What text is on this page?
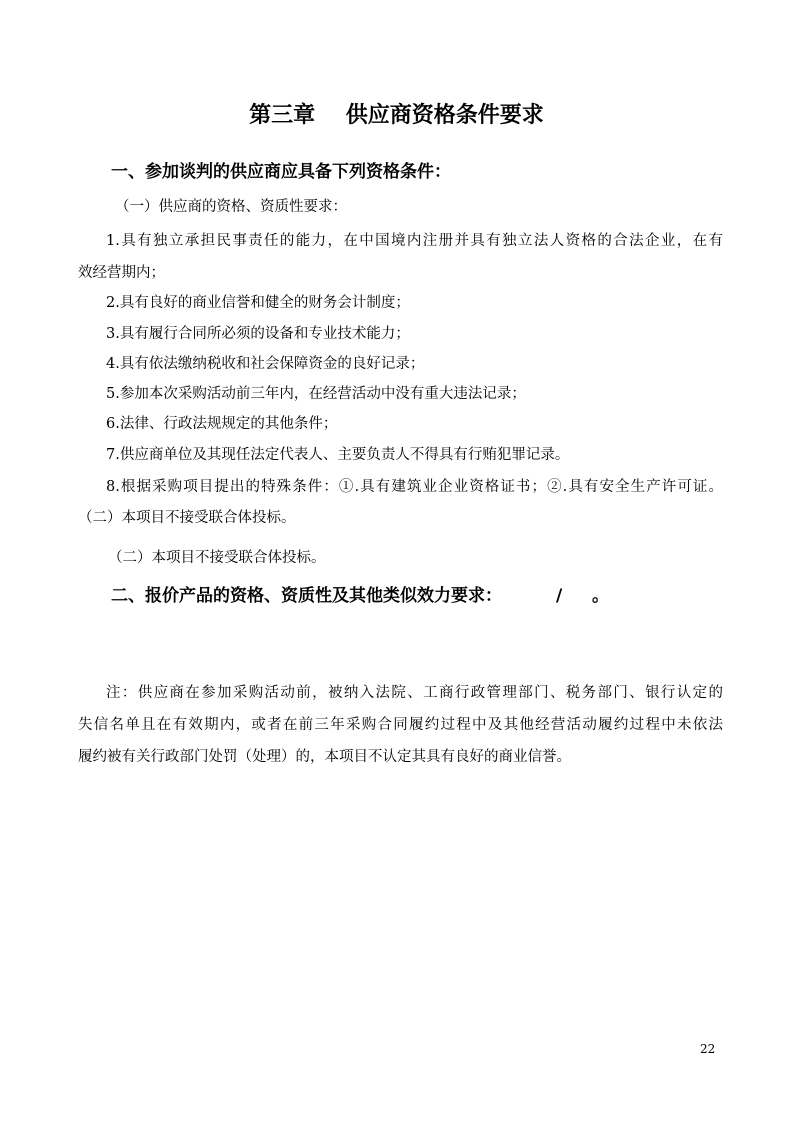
第三章    供应商资格条件要求
一、参加谈判的供应商应具备下列资格条件：
（一）供应商的资格、资质性要求：
1.具有独立承担民事责任的能力，在中国境内注册并具有独立法人资格的合法企业，在有
效经营期内；
2.具有良好的商业信誉和健全的财务会计制度；
3.具有履行合同所必须的设备和专业技术能力；
4.具有依法缴纳税收和社会保障资金的良好记录；
5.参加本次采购活动前三年内，在经营活动中没有重大违法记录；
6.法律、行政法规规定的其他条件；
7.供应商单位及其现任法定代表人、主要负责人不得具有行贿犯罪记录。
8.根据采购项目提出的特殊条件：①.具有建筑业企业资格证书；②.具有安全生产许可证。
（二）本项目不接受联合体投标。
（二）本项目不接受联合体投标。
二、报价产品的资格、资质性及其他类似效力要求：	/ 。
注：供应商在参加采购活动前，被纳入法院、工商行政管理部门、税务部门、银行认定的
失信名单且在有效期内，或者在前三年采购合同履约过程中及其他经营活动履约过程中未依法
履约被有关行政部门处罚（处理）的，本项目不认定其具有良好的商业信誉。
22
